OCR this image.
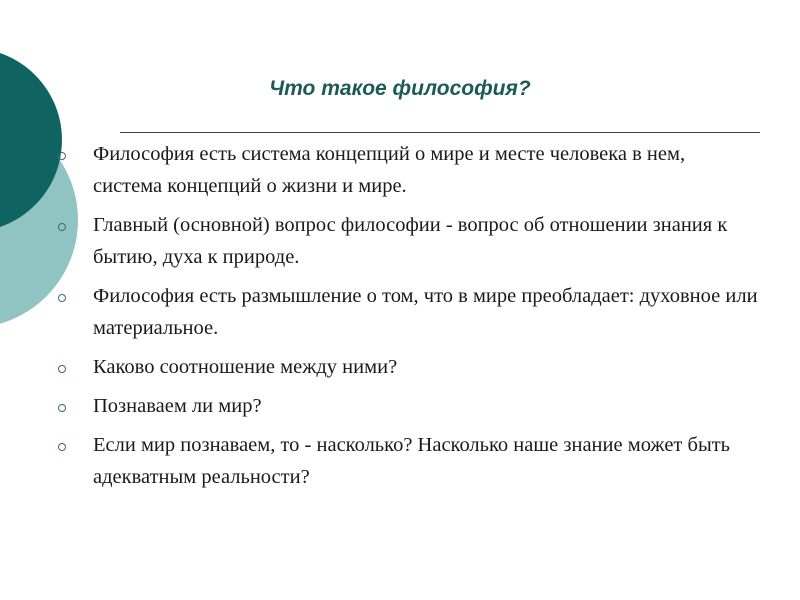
Что такое философия?
Философия есть система концепций о мире и месте человека в нем, система концепций о жизни и мире.
Главный (основной) вопрос философии - вопрос об отношении знания к бытию, духа к природе.
Философия есть размышление о том, что в мире преобладает: духовное или материальное.
Каково соотношение между ними?
Познаваем ли мир?
Если мир познаваем, то - насколько? Насколько наше знание может быть адекватным реальности?
